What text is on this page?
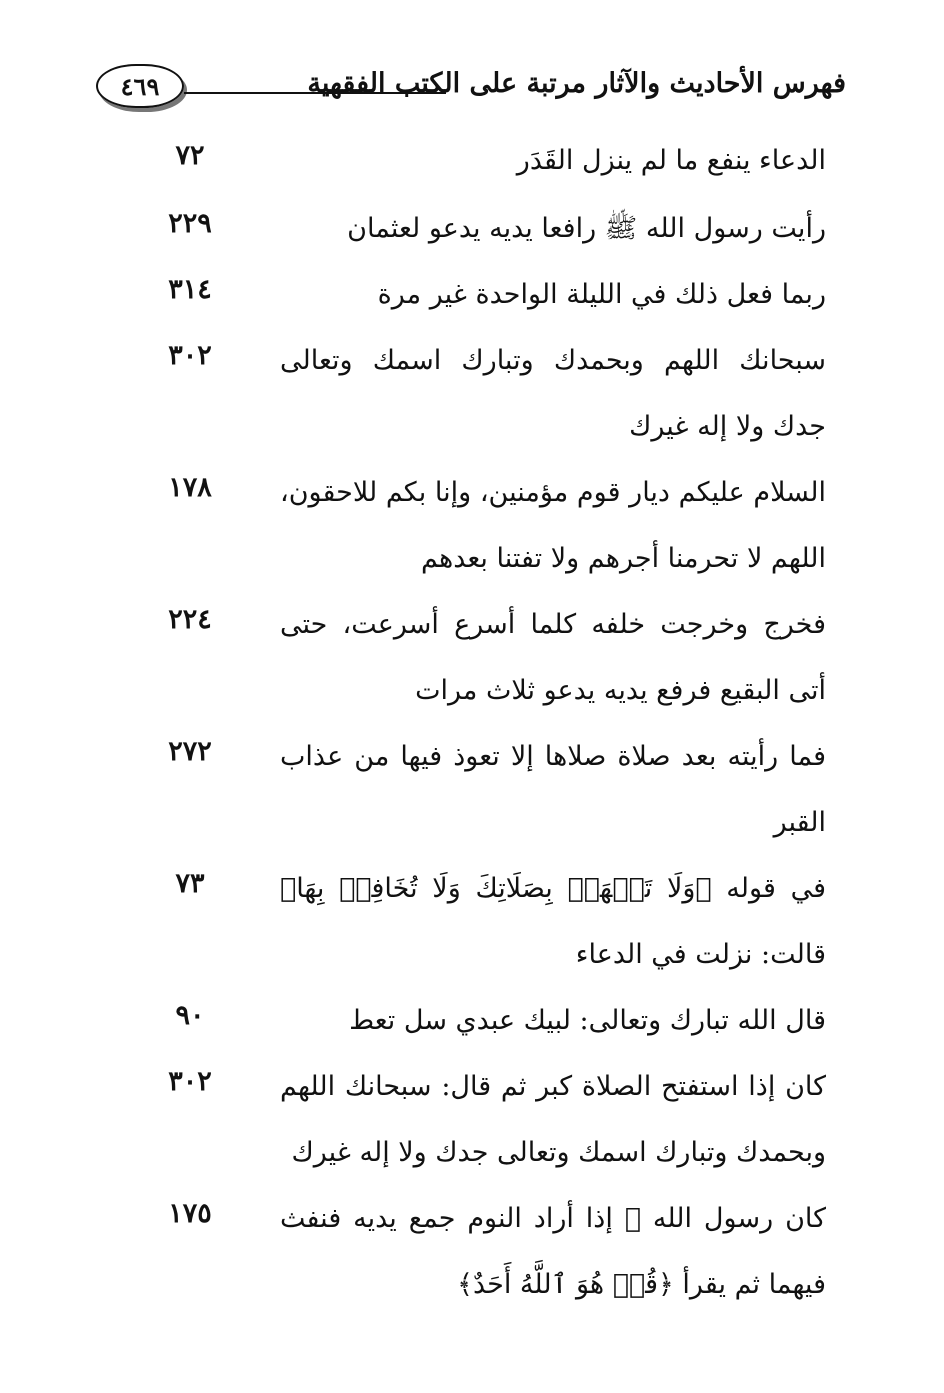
٤٦٩	فهرس الأحاديث والآثار مرتبة على الكتب الفقهية
الدعاء ينفع ما لم ينزل القَدَر
٧٢
رأيت رسول الله ﷺ رافعا يديه يدعو لعثمان
٢٢٩
ربما فعل ذلك في الليلة الواحدة غير مرة
٣١٤
سبحانك اللهم وبحمدك وتبارك اسمك وتعالى جدك ولا إله غيرك
٣٠٢
السلام عليكم ديار قوم مؤمنين، وإنا بكم للاحقون، اللهم لا تحرمنا أجرهم ولا تفتنا بعدهم
١٧٨
فخرج وخرجت خلفه كلما أسرع أسرعت، حتى أتى البقيع فرفع يديه يدعو ثلاث مرات
٢٢٤
فما رأيته بعد صلاة صلاها إلا تعوذ فيها من عذاب القبر
٢٧٢
في قوله ﴿وَلَا تَجۡهَرۡ بِصَلَاتِكَ وَلَا تُخَافِتۡ بِهَا﴾ قالت: نزلت في الدعاء
٧٣
قال الله تبارك وتعالى: لبيك عبدي سل تعط
٩٠
كان إذا استفتح الصلاة كبر ثم قال: سبحانك اللهم وبحمدك وتبارك اسمك وتعالى جدك ولا إله غيرك
٣٠٢
كان رسول الله ﷺ إذا أراد النوم جمع يديه فنفث فيهما ثم يقرأ ﴿قُلۡ هُوَ ٱللَّهُ أَحَدٌ﴾
١٧٥
